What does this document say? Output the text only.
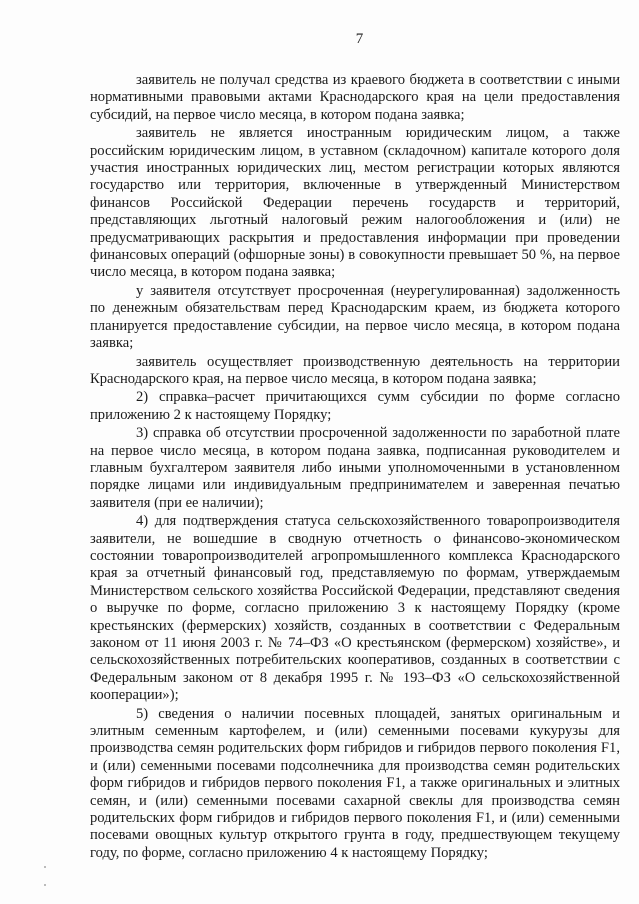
7

заявитель не получал средства из краевого бюджета в соответствии с иными нормативными правовыми актами Краснодарского края на цели предоставления субсидий, на первое число месяца, в котором подана заявка;

заявитель не является иностранным юридическим лицом, а также российским юридическим лицом, в уставном (складочном) капитале которого доля участия иностранных юридических лиц, местом регистрации которых являются государство или территория, включенные в утвержденный Министерством финансов Российской Федерации перечень государств и территорий, представляющих льготный налоговый режим налогообложения и (или) не предусматривающих раскрытия и предоставления информации при проведении финансовых операций (офшорные зоны) в совокупности превышает 50 %, на первое число месяца, в котором подана заявка;

у заявителя отсутствует просроченная (неурегулированная) задолженность по денежным обязательствам перед Краснодарским краем, из бюджета которого планируется предоставление субсидии, на первое число месяца, в котором подана заявка;

заявитель осуществляет производственную деятельность на территории Краснодарского края, на первое число месяца, в котором подана заявка;

2) справка–расчет причитающихся сумм субсидии по форме согласно приложению 2 к настоящему Порядку;

3) справка об отсутствии просроченной задолженности по заработной плате на первое число месяца, в котором подана заявка, подписанная руководителем и главным бухгалтером заявителя либо иными уполномоченными в установленном порядке лицами или индивидуальным предпринимателем и заверенная печатью заявителя (при ее наличии);

4) для подтверждения статуса сельскохозяйственного товаропроизводителя заявители, не вошедшие в сводную отчетность о финансово-экономическом состоянии товаропроизводителей агропромышленного комплекса Краснодарского края за отчетный финансовый год, представляемую по формам, утверждаемым Министерством сельского хозяйства Российской Федерации, представляют сведения о выручке по форме, согласно приложению 3 к настоящему Порядку (кроме крестьянских (фермерских) хозяйств, созданных в соответствии с Федеральным законом от 11 июня 2003 г. № 74–ФЗ «О крестьянском (фермерском) хозяйстве», и сельскохозяйственных потребительских кооперативов, созданных в соответствии с Федеральным законом от 8 декабря 1995 г. № 193–ФЗ «О сельскохозяйственной кооперации»);

5) сведения о наличии посевных площадей, занятых оригинальным и элитным семенным картофелем, и (или) семенными посевами кукурузы для производства семян родительских форм гибридов и гибридов первого поколения F1, и (или) семенными посевами подсолнечника для производства семян родительских форм гибридов и гибридов первого поколения F1, а также оригинальных и элитных семян, и (или) семенными посевами сахарной свеклы для производства семян родительских форм гибридов и гибридов первого поколения F1, и (или) семенными посевами овощных культур открытого грунта в году, предшествующем текущему году, по форме, согласно приложению 4 к настоящему Порядку;
